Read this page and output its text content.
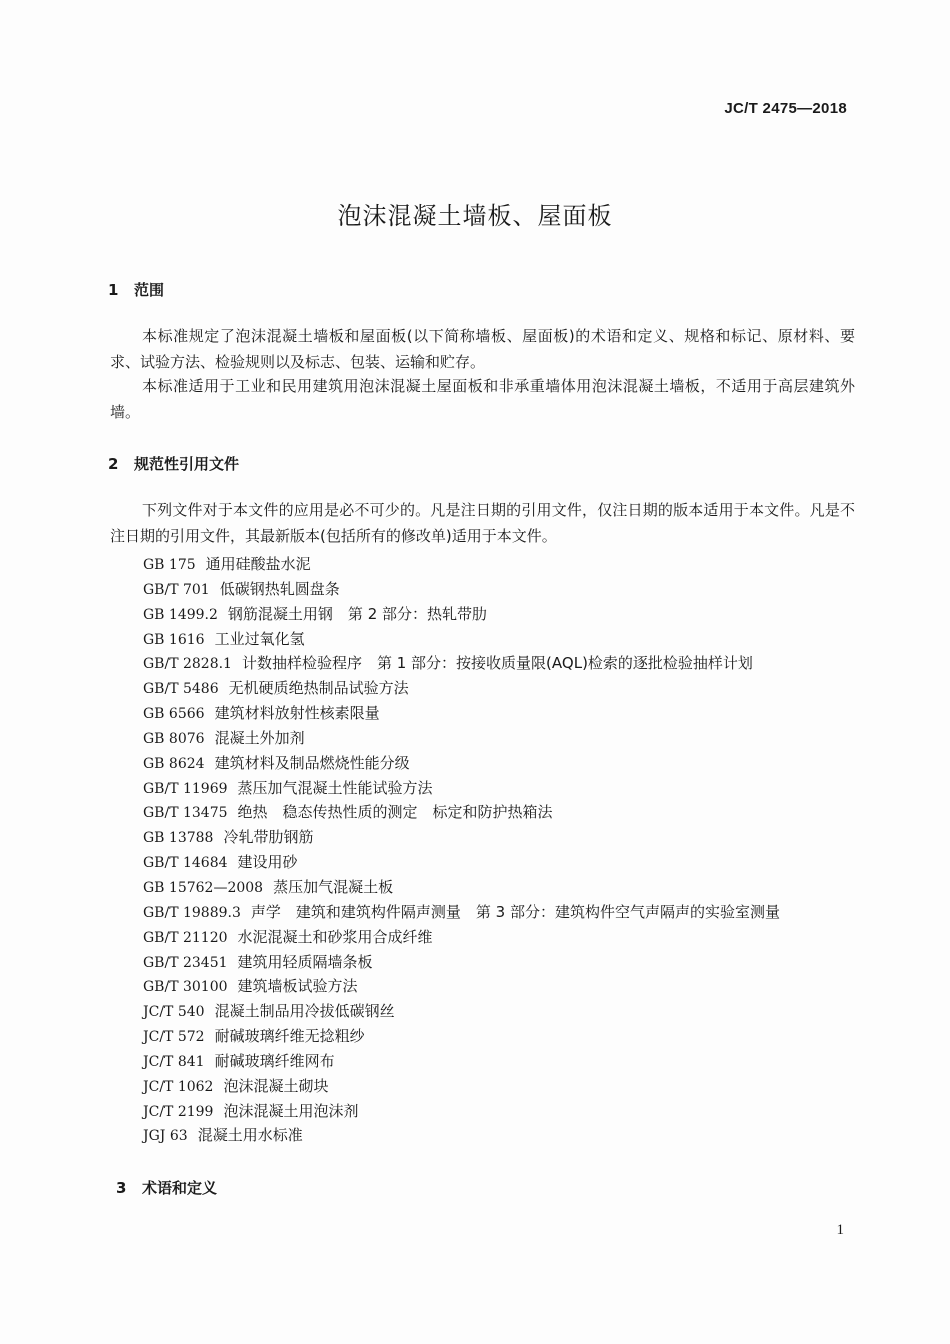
JC/T 2475—2018
泡沫混凝土墙板、屋面板
1 范围
本标准规定了泡沫混凝土墙板和屋面板(以下简称墙板、屋面板)的术语和定义、规格和标记、原材料、要求、试验方法、检验规则以及标志、包装、运输和贮存。
本标准适用于工业和民用建筑用泡沫混凝土屋面板和非承重墙体用泡沫混凝土墙板，不适用于高层建筑外墙。
2 规范性引用文件
下列文件对于本文件的应用是必不可少的。凡是注日期的引用文件，仅注日期的版本适用于本文件。凡是不注日期的引用文件，其最新版本(包括所有的修改单)适用于本文件。
GB 175 通用硅酸盐水泥
GB/T 701 低碳钢热轧圆盘条
GB 1499.2 钢筋混凝土用钢　第 2 部分：热轧带肋
GB 1616 工业过氧化氢
GB/T 2828.1 计数抽样检验程序　第 1 部分：按接收质量限(AQL)检索的逐批检验抽样计划
GB/T 5486 无机硬质绝热制品试验方法
GB 6566 建筑材料放射性核素限量
GB 8076 混凝土外加剂
GB 8624 建筑材料及制品燃烧性能分级
GB/T 11969 蒸压加气混凝土性能试验方法
GB/T 13475 绝热　稳态传热性质的测定　标定和防护热箱法
GB 13788 冷轧带肋钢筋
GB/T 14684 建设用砂
GB 15762—2008 蒸压加气混凝土板
GB/T 19889.3 声学　建筑和建筑构件隔声测量　第 3 部分：建筑构件空气声隔声的实验室测量
GB/T 21120 水泥混凝土和砂浆用合成纤维
GB/T 23451 建筑用轻质隔墙条板
GB/T 30100 建筑墙板试验方法
JC/T 540 混凝土制品用冷拔低碳钢丝
JC/T 572 耐碱玻璃纤维无捻粗纱
JC/T 841 耐碱玻璃纤维网布
JC/T 1062 泡沫混凝土砌块
JC/T 2199 泡沫混凝土用泡沫剂
JGJ 63 混凝土用水标准
3 术语和定义
1
